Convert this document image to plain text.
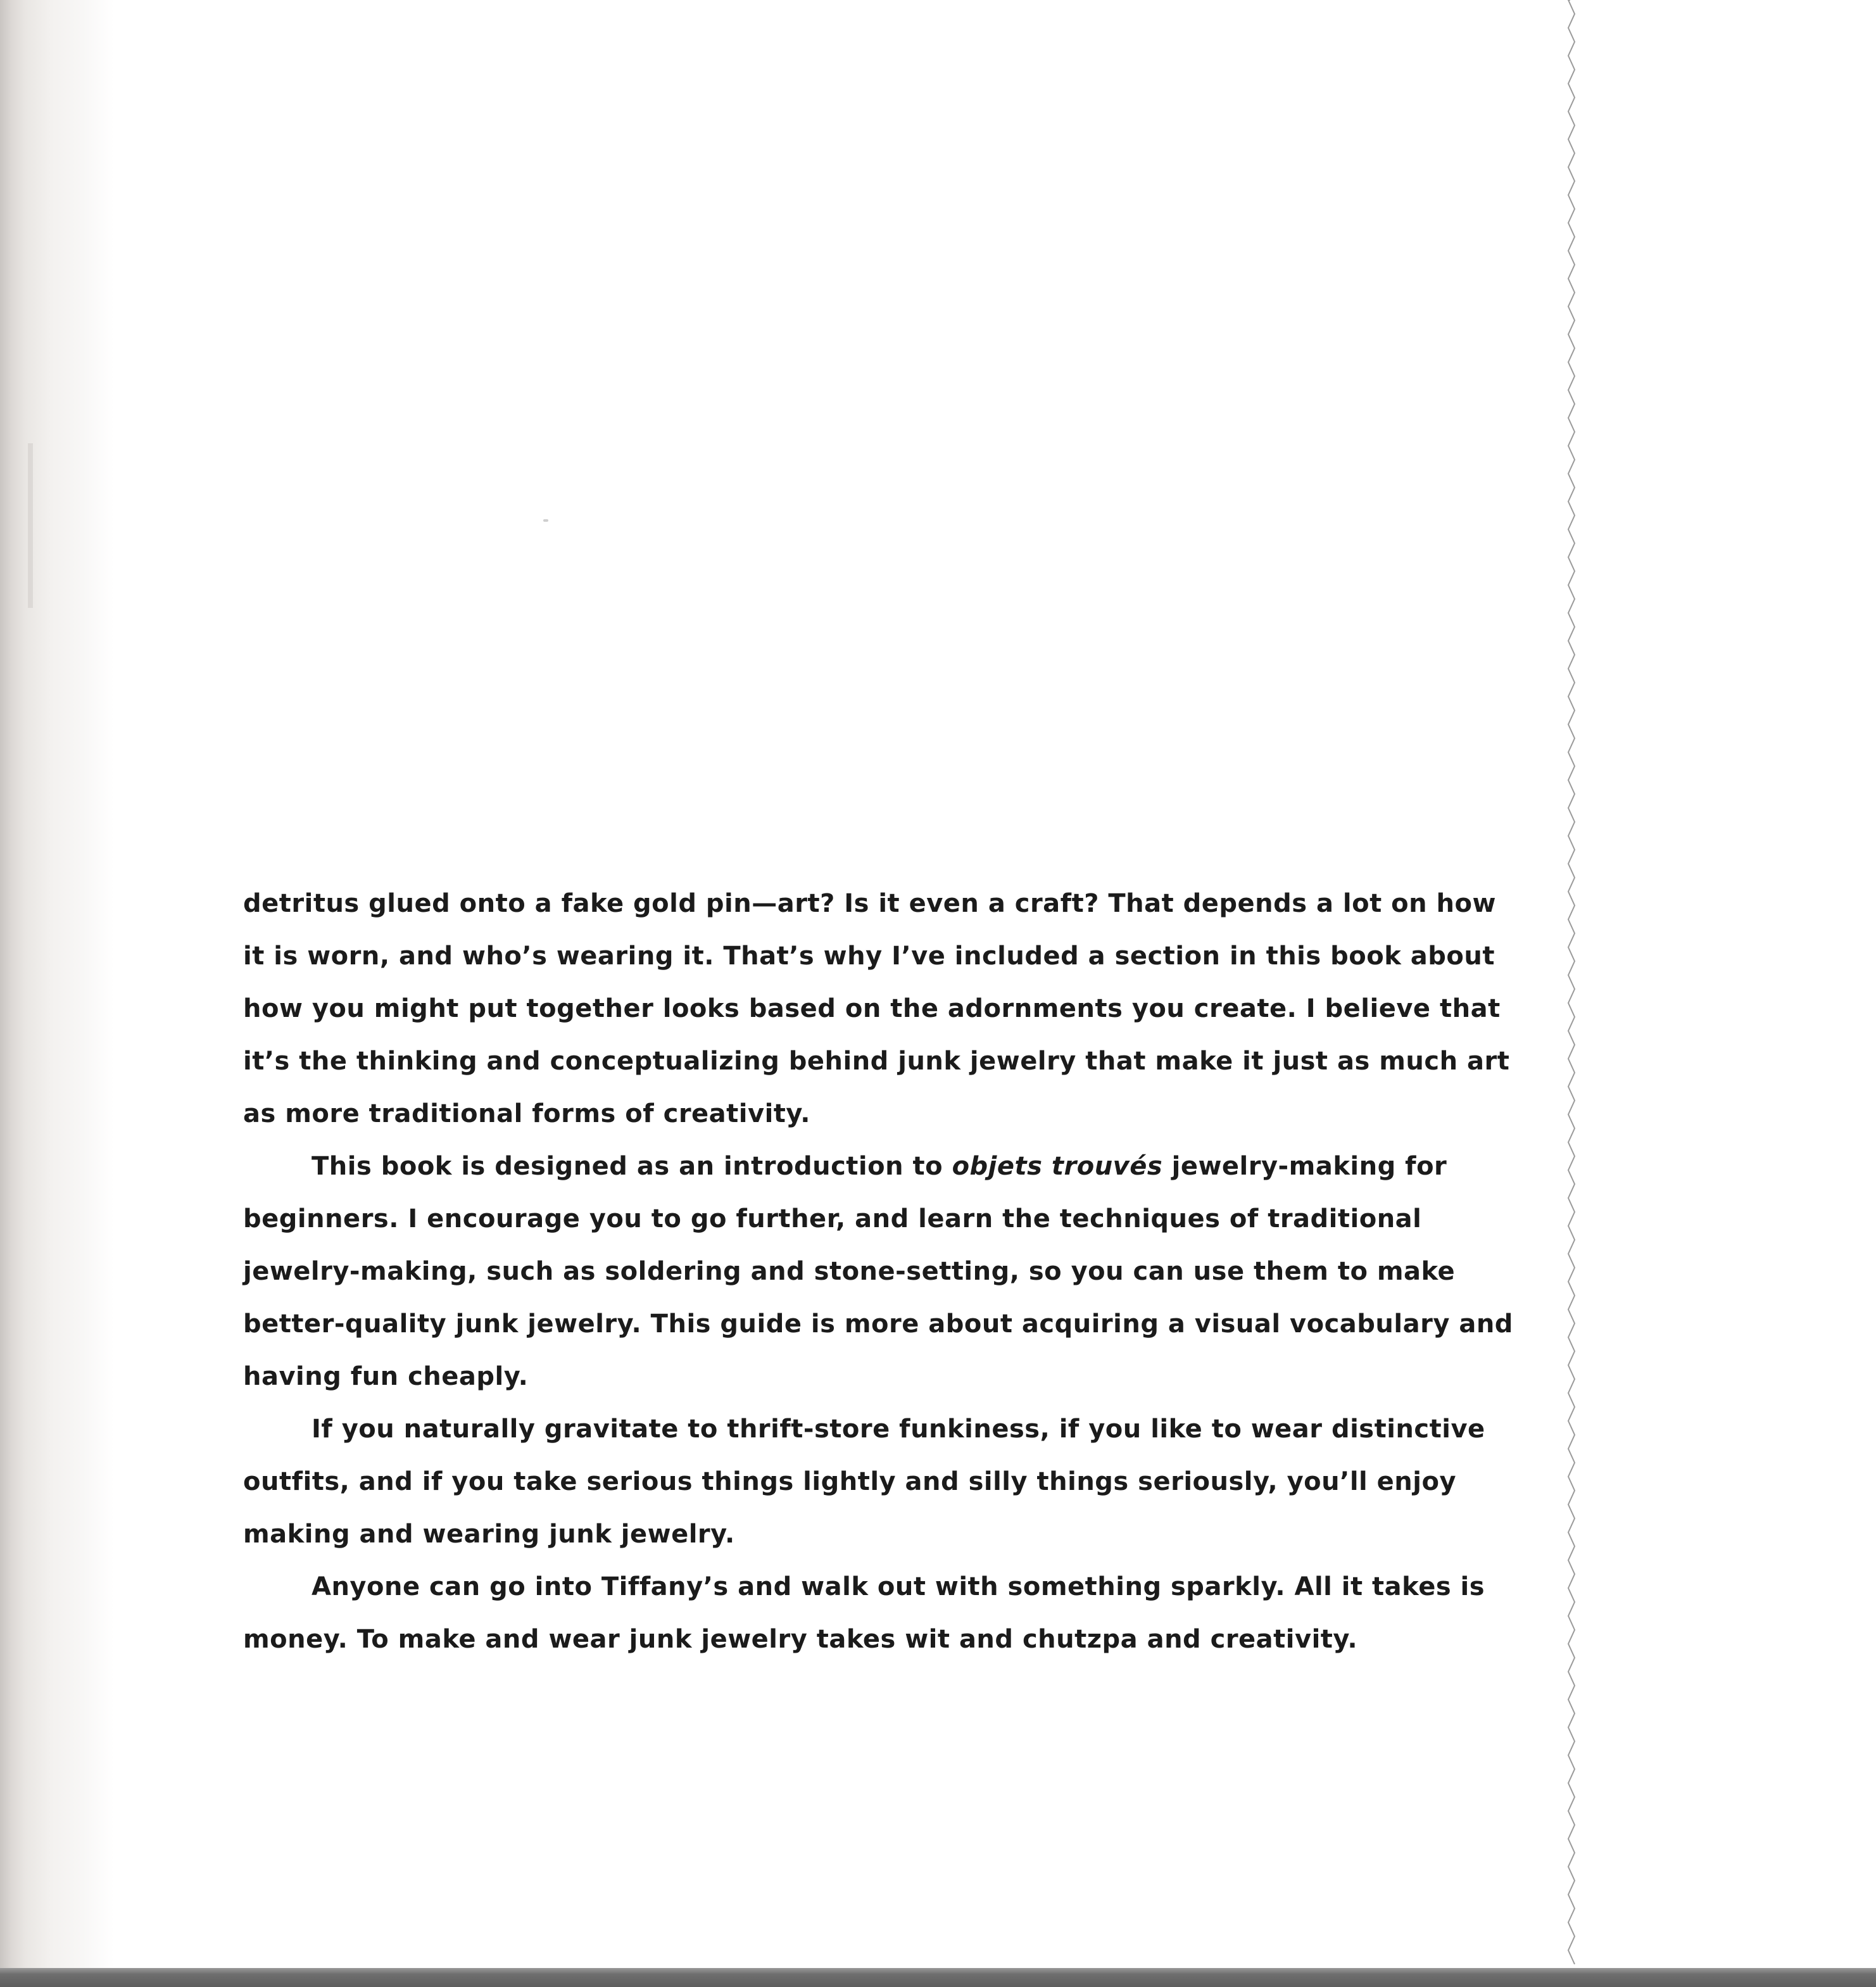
detritus glued onto a fake gold pin—art? Is it even a craft? That depends a lot on how it is worn, and who’s wearing it. That’s why I’ve included a section in this book about how you might put together looks based on the adornments you create. I believe that it’s the thinking and conceptualizing behind junk jewelry that make it just as much art as more traditional forms of creativity.

This book is designed as an introduction to objets trouvés jewelry-making for beginners. I encourage you to go further, and learn the techniques of traditional jewelry-making, such as soldering and stone-setting, so you can use them to make better-quality junk jewelry. This guide is more about acquiring a visual vocabulary and having fun cheaply.

If you naturally gravitate to thrift-store funkiness, if you like to wear distinctive outfits, and if you take serious things lightly and silly things seriously, you’ll enjoy making and wearing junk jewelry.

Anyone can go into Tiffany’s and walk out with something sparkly. All it takes is money. To make and wear junk jewelry takes wit and chutzpa and creativity.
